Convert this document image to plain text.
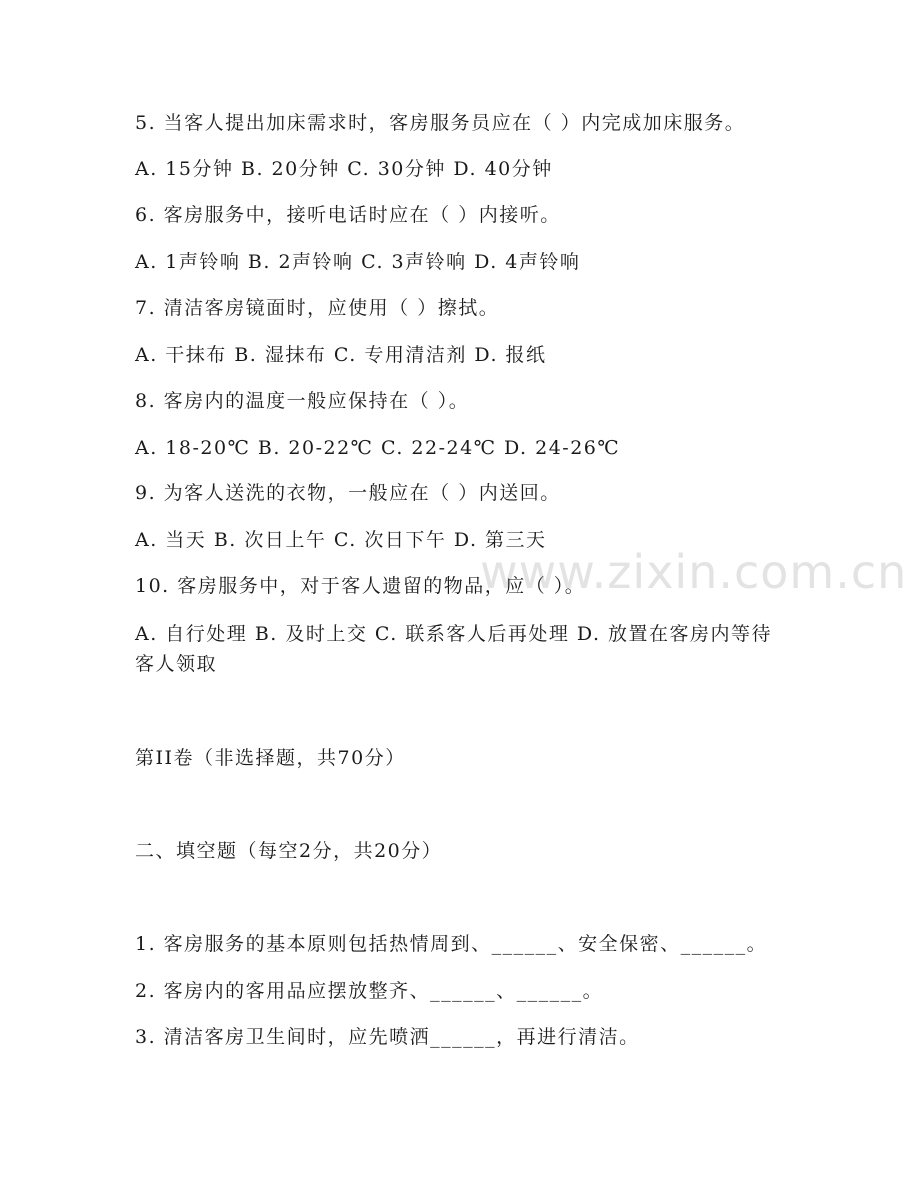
www.zixin.com.cn
5. 当客人提出加床需求时，客房服务员应在（ ）内完成加床服务。
A. 15分钟 B. 20分钟 C. 30分钟 D. 40分钟
6. 客房服务中，接听电话时应在（ ）内接听。
A. 1声铃响 B. 2声铃响 C. 3声铃响 D. 4声铃响
7. 清洁客房镜面时，应使用（ ）擦拭。
A. 干抹布 B. 湿抹布 C. 专用清洁剂 D. 报纸
8. 客房内的温度一般应保持在（ ）。
A. 18-20℃ B. 20-22℃ C. 22-24℃ D. 24-26℃
9. 为客人送洗的衣物，一般应在（ ）内送回。
A. 当天 B. 次日上午 C. 次日下午 D. 第三天
10. 客房服务中，对于客人遗留的物品，应（ ）。
A. 自行处理 B. 及时上交 C. 联系客人后再处理 D. 放置在客房内等待客人领取
第II卷（非选择题，共70分）
二、填空题（每空2分，共20分）
1. 客房服务的基本原则包括热情周到、______、安全保密、______。
2. 客房内的客用品应摆放整齐、______、______。
3. 清洁客房卫生间时，应先喷洒______，再进行清洁。
